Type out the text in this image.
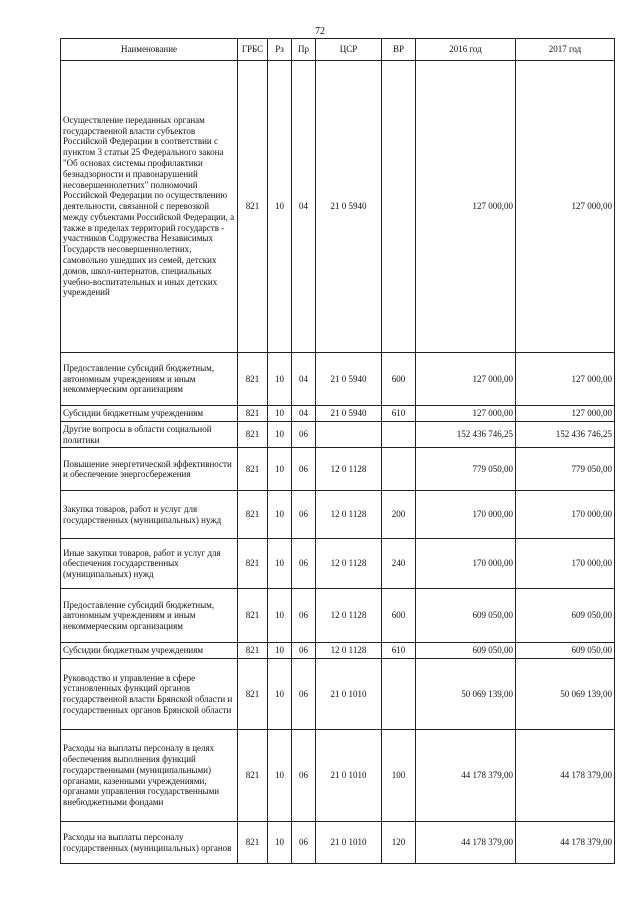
72
Наименование	ГРБС	Рз	Пр	ЦСР	ВР	2016 год	2017 год
Осуществление переданных органам государственной власти субъектов Российской Федерации в соответствии с пунктом 3 статьи 25 Федерального закона "Об основах системы профилактики безнадзорности и правонарушений несовершеннолетних" полномочий Российской Федерации по осуществлению деятельности, связанной с перевозкой между субъектами Российской Федерации, а также в пределах территорий государств - участников Содружества Независимых Государств несовершеннолетних, самовольно ушедших из семей, детских домов, школ-интернатов, специальных учебно-воспитательных и иных детских учреждений	821	10	04	21 0 5940		127 000,00	127 000,00
Предоставление субсидий бюджетным, автономным учреждениям и иным некоммерческим организациям	821	10	04	21 0 5940	600	127 000,00	127 000,00
Субсидии бюджетным учреждениям	821	10	04	21 0 5940	610	127 000,00	127 000,00
Другие вопросы в области социальной политики	821	10	06			152 436 746,25	152 436 746,25
Повышение энергетической эффективности и обеспечение энергосбережения	821	10	06	12 0 1128		779 050,00	779 050,00
Закупка товаров, работ и услуг для государственных (муниципальных) нужд	821	10	06	12 0 1128	200	170 000,00	170 000,00
Иные закупки товаров, работ и услуг для обеспечения государственных (муниципальных) нужд	821	10	06	12 0 1128	240	170 000,00	170 000,00
Предоставление субсидий бюджетным, автономным учреждениям и иным некоммерческим организациям	821	10	06	12 0 1128	600	609 050,00	609 050,00
Субсидии бюджетным учреждениям	821	10	06	12 0 1128	610	609 050,00	609 050,00
Руководство и управление в сфере установленных функций органов государственной власти Брянской области и государственных органов Брянской области	821	10	06	21 0 1010		50 069 139,00	50 069 139,00
Расходы на выплаты персоналу в целях обеспечения выполнения функций государственными (муниципальными) органами, казенными учреждениями, органами управления государственными внебюджетными фондами	821	10	06	21 0 1010	100	44 178 379,00	44 178 379,00
Расходы на выплаты персоналу государственных (муниципальных) органов	821	10	06	21 0 1010	120	44 178 379,00	44 178 379,00
